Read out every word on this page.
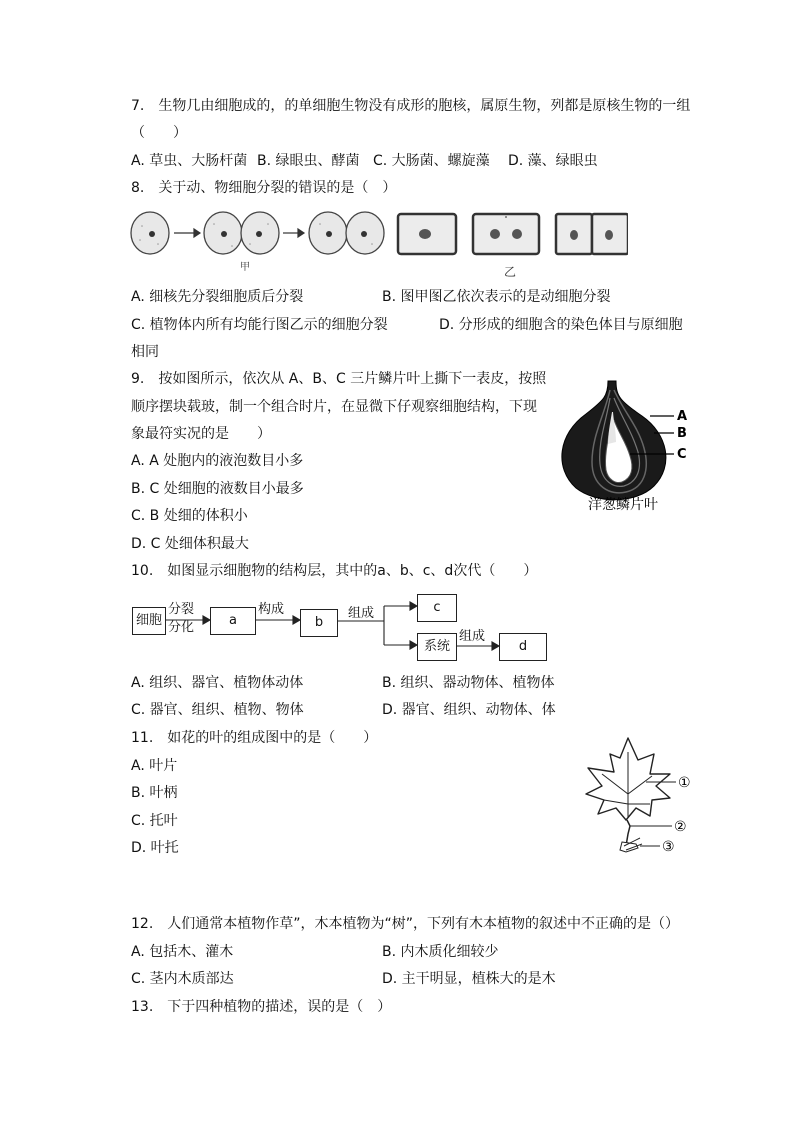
7.　生物几由细胞成的，的单细胞生物没有成形的胞核，属原生物，列都是原核生物的一组
（　　）
A. 草虫、大肠杆菌 B. 绿眼虫、酵菌 C. 大肠菌、螺旋藻 D. 藻、绿眼虫
8.　关于动、物细胞分裂的错误的是（　）
甲	乙
A. 细核先分裂细胞质后分裂	B. 图甲图乙依次表示的是动细胞分裂
C. 植物体内所有均能行图乙示的细胞分裂	D. 分形成的细胞含的染色体目与原细胞
相同
9.　按如图所示，依次从 A、B、C 三片鳞片叶上撕下一表皮，按照
顺序摆块载玻，制一个组合时片，在显微下仔观察细胞结构，下现
象最符实况的是　　）
A. A 处胞内的液泡数目小多
B. C 处细胞的液数目小最多
C. B 处细的体积小
D. C 处细体积最大
A
B
C
洋葱鳞片叶
10.　如图显示细胞物的结构层，其中的a、b、c、d次代（　　）
细胞
分裂
分化	a
构成
b
组成	c
系统
组成
d
A. 组织、器官、植物体动体	B. 组织、器动物体、植物体
C. 器官、组织、植物、物体	D. 器官、组织、动物体、体
11.　如花的叶的组成图中的是（　　）
A. 叶片
B. 叶柄
C. 托叶
D. 叶托
①
②
③
12.　人们通常本植物作草”，木本植物为“树”，下列有木本植物的叙述中不正确的是（）
A. 包括木、灌木	B. 内木质化细较少
C. 茎内木质部达	D. 主干明显，植株大的是木
13.　下于四种植物的描述，误的是（　）
